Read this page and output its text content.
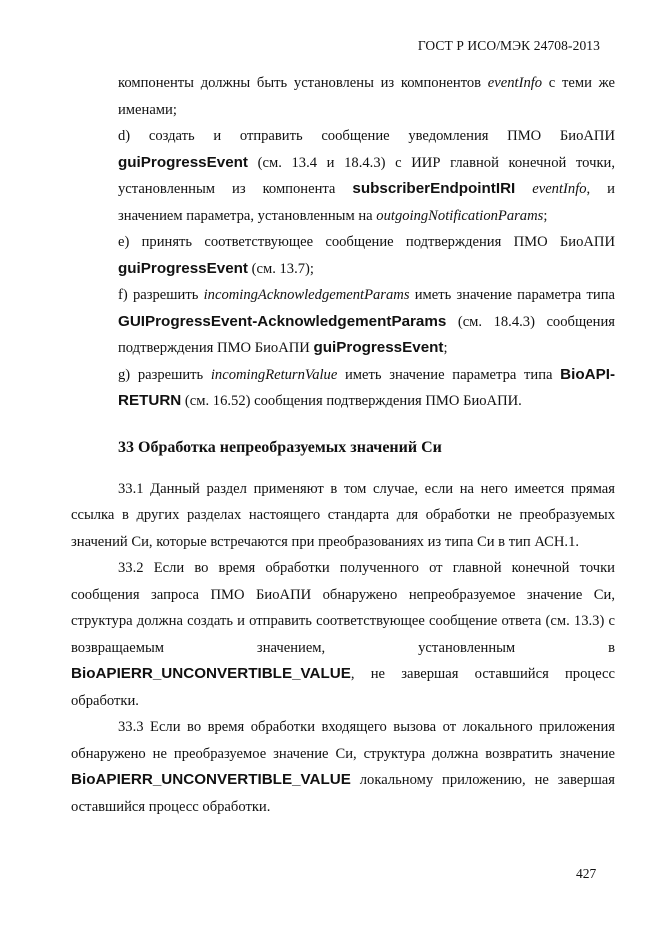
ГОСТ Р ИСО/МЭК 24708-2013

компоненты должны быть установлены из компонентов eventInfo с теми же именами;

d) создать и отправить сообщение уведомления ПМО БиоАПИ guiProgressEvent (см. 13.4 и 18.4.3) с ИИР главной конечной точки, установленным из компонента subscriberEndpointIRI eventInfo, и значением параметра, установленным на outgoingNotificationParams;

e) принять соответствующее сообщение подтверждения ПМО БиоАПИ guiProgressEvent (см. 13.7);

f) разрешить incomingAcknowledgementParams иметь значение параметра типа GUIProgressEvent-AcknowledgementParams (см. 18.4.3) сообщения подтверждения ПМО БиоАПИ guiProgressEvent;

g) разрешить incomingReturnValue иметь значение параметра типа BioAPI-RETURN (см. 16.52) сообщения подтверждения ПМО БиоАПИ.

33 Обработка непреобразуемых значений Си

33.1 Данный раздел применяют в том случае, если на него имеется прямая ссылка в других разделах настоящего стандарта для обработки не преобразуемых значений Си, которые встречаются при преобразованиях из типа Си в тип АСН.1.

33.2 Если во время обработки полученного от главной конечной точки сообщения запроса ПМО БиоАПИ обнаружено непреобразуемое значение Си, структура должна создать и отправить соответствующее сообщение ответа (см. 13.3) с возвращаемым значением, установленным в BioAPIERR_UNCONVERTIBLE_VALUE, не завершая оставшийся процесс обработки.

33.3 Если во время обработки входящего вызова от локального приложения обнаружено не преобразуемое значение Си, структура должна возвратить значение BioAPIERR_UNCONVERTIBLE_VALUE локальному приложению, не завершая оставшийся процесс обработки.

427
